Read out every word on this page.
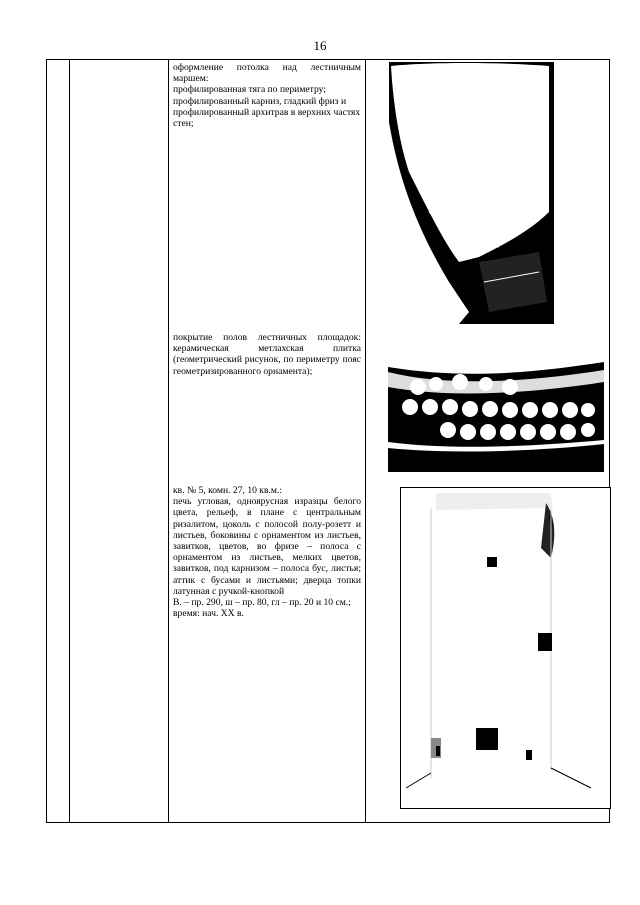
16

оформление потолка над лестничным маршем:

профилированная тяга по периметру;

профилированный карниз, гладкий фриз и профилированный архитрав в верхних частях стен;

покрытие полов лестничных площадок: керамическая метлахская плитка (геометрический рисунок, по периметру пояс геометризированного орнамента);

кв. № 5, комн. 27, 10 кв.м.:

печь угловая, одноярусная изразцы белого цвета, рельеф, в плане с центральным ризалитом, цоколь с полосой полу-розетт и листьев, боковины с орнаментом из листьев, завитков, цветов, во фризе – полоса с орнаментом из листьев, мелких цветов, завитков, под карнизом – полоса бус, листья; аттик с бусами и листьями; дверца топки латунная с ручкой-кнопкой

В. – пр. 290, ш – пр. 80, гл – пр. 20 и 10 см.;

время: нач. XX в.
